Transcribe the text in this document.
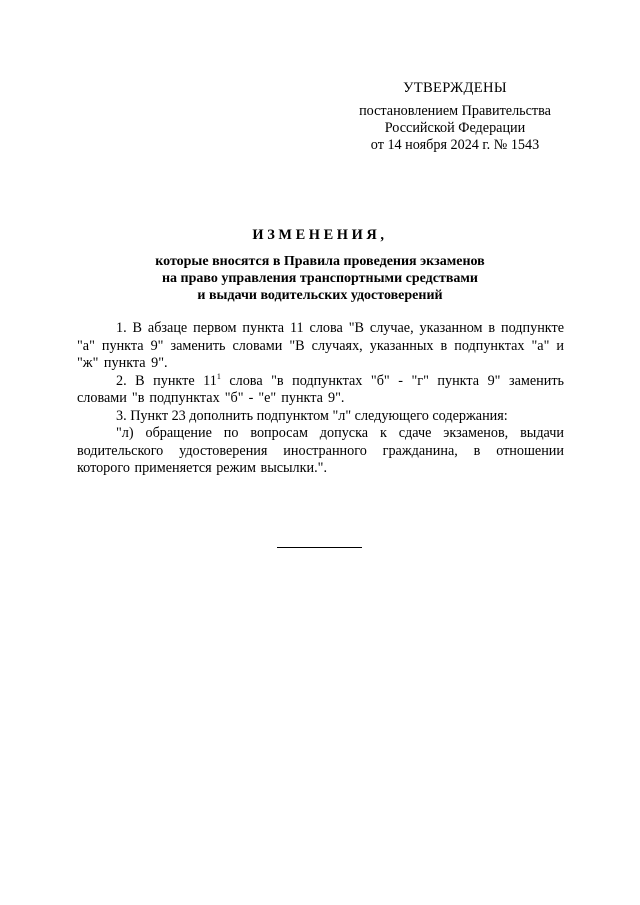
УТВЕРЖДЕНЫ
постановлением Правительства
Российской Федерации
от 14 ноября 2024 г. № 1543
ИЗМЕНЕНИЯ,
которые вносятся в Правила проведения экзаменов
на право управления транспортными средствами
и выдачи водительских удостоверений

1. В абзаце первом пункта 11 слова "В случае, указанном в подпункте "а" пункта 9" заменить словами "В случаях, указанных в подпунктах "а" и "ж" пункта 9".

2. В пункте $11^1$ слова "в подпунктах "б" - "г" пункта 9" заменить словами "в подпунктах "б" - "е" пункта 9".

3. Пункт 23 дополнить подпунктом "л" следующего содержания:

"л) обращение по вопросам допуска к сдаче экзаменов, выдачи водительского удостоверения иностранного гражданина, в отношении которого применяется режим высылки.".
